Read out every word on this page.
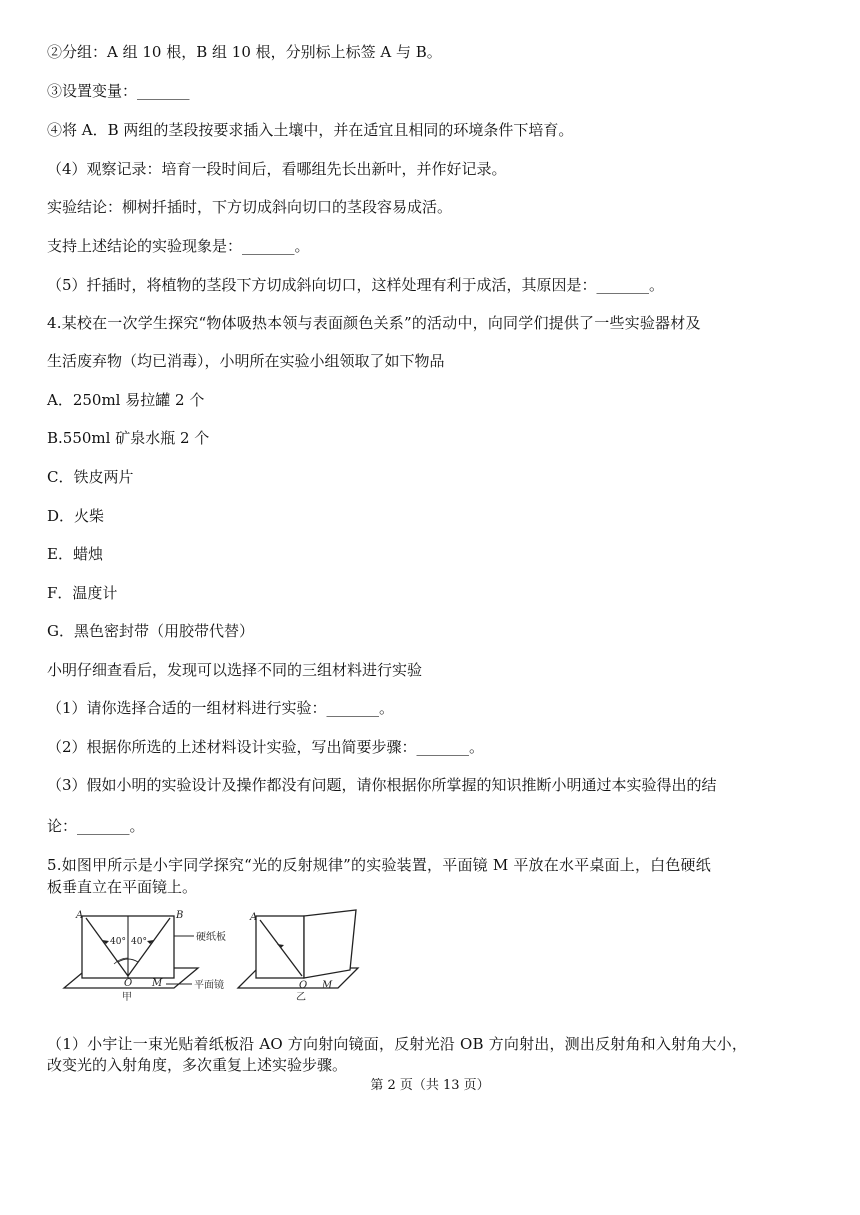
②分组：A 组 10 根，B 组 10 根，分别标上标签 A 与 B。
③设置变量：_______
④将 A．B 两组的茎段按要求插入土壤中，并在适宜且相同的环境条件下培育。
（4）观察记录：培育一段时间后，看哪组先长出新叶，并作好记录。
实验结论：柳树扦插时，下方切成斜向切口的茎段容易成活。
支持上述结论的实验现象是：_______。
（5）扦插时，将植物的茎段下方切成斜向切口，这样处理有利于成活，其原因是：_______。
4.某校在一次学生探究“物体吸热本领与表面颜色关系”的活动中，向同学们提供了一些实验器材及
生活废弃物（均已消毒），小明所在实验小组领取了如下物品
A．250ml 易拉罐 2 个
B.550ml 矿泉水瓶 2 个
C．铁皮两片
D．火柴
E．蜡烛
F．温度计
G．黑色密封带（用胶带代替）
小明仔细查看后，发现可以选择不同的三组材料进行实验
（1）请你选择合适的一组材料进行实验：_______。
（2）根据你所选的上述材料设计实验，写出简要步骤：_______。
（3）假如小明的实验设计及操作都没有问题，请你根据你所掌握的知识推断小明通过本实验得出的结
论：_______。
5.如图甲所示是小宇同学探究“光的反射规律”的实验装置，平面镜 M 平放在水平桌面上，白色硬纸
板垂直立在平面镜上。
A	B
40° 40°	硬纸板
O M	平面镜
甲
A
O M
乙
（1）小宇让一束光贴着纸板沿 AO 方向射向镜面，反射光沿 OB 方向射出，测出反射角和入射角大小，
改变光的入射角度，多次重复上述实验步骤。
第 2 页（共 13 页）
